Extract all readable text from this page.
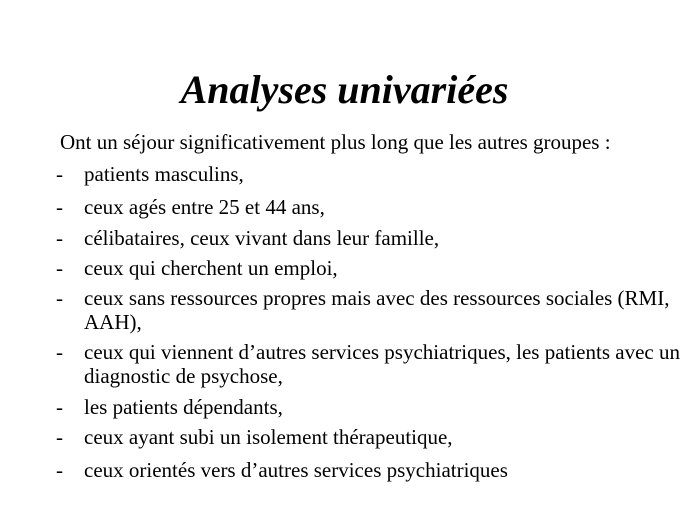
Analyses univariées
Ont un séjour significativement plus long que les autres groupes :
-	patients masculins,
-	ceux agés entre 25 et 44 ans,
-	célibataires, ceux vivant dans leur famille,
-	ceux qui cherchent un emploi,
-	ceux sans ressources propres mais avec des ressources sociales (RMI, AAH),
-	ceux qui viennent d’autres services psychiatriques, les patients avec un diagnostic de psychose,
-	les patients dépendants,
-	ceux ayant subi un isolement thérapeutique,
-	ceux orientés vers d’autres services psychiatriques
